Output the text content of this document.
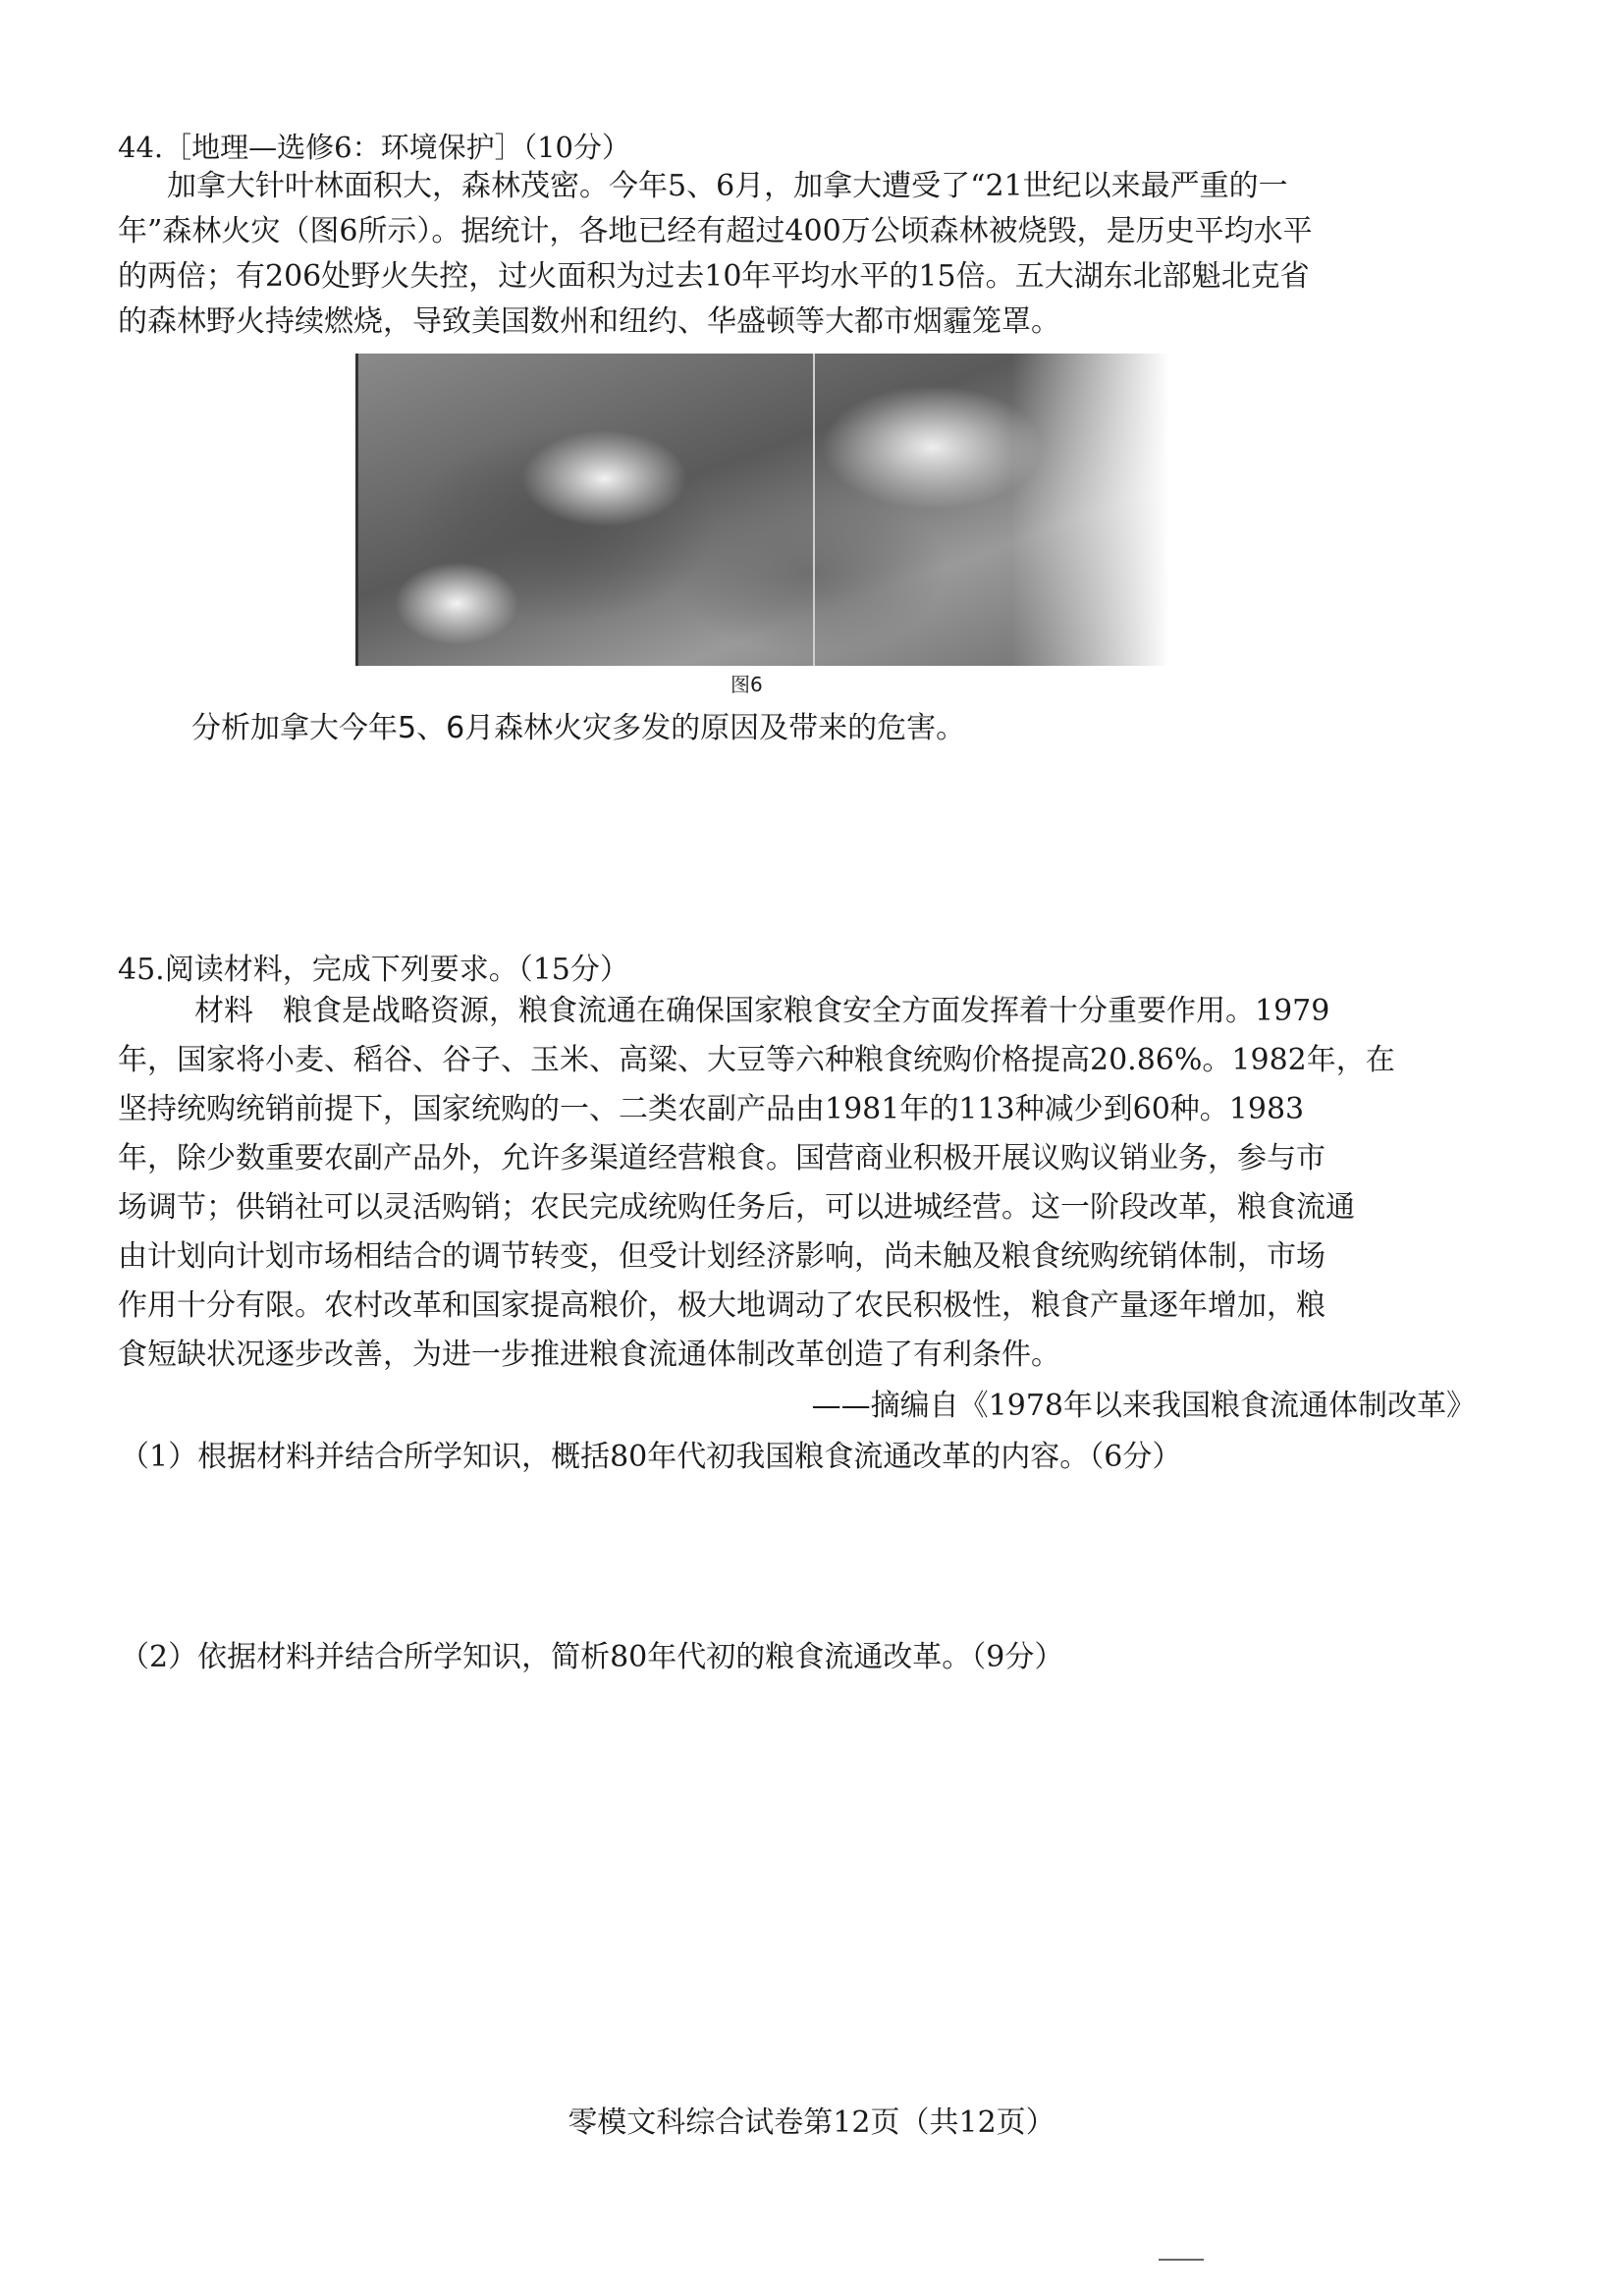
44.［地理—选修6：环境保护］（10分）
加拿大针叶林面积大，森林茂密。今年5、6月，加拿大遭受了“21世纪以来最严重的一
年”森林火灾（图6所示）。据统计，各地已经有超过400万公顷森林被烧毁，是历史平均水平
的两倍；有206处野火失控，过火面积为过去10年平均水平的15倍。五大湖东北部魁北克省
的森林野火持续燃烧，导致美国数州和纽约、华盛顿等大都市烟霾笼罩。
图6
分析加拿大今年5、6月森林火灾多发的原因及带来的危害。
45.阅读材料，完成下列要求。（15分）
材料　粮食是战略资源，粮食流通在确保国家粮食安全方面发挥着十分重要作用。1979
年，国家将小麦、稻谷、谷子、玉米、高粱、大豆等六种粮食统购价格提高20.86%。1982年，在
坚持统购统销前提下，国家统购的一、二类农副产品由1981年的113种减少到60种。1983
年，除少数重要农副产品外，允许多渠道经营粮食。国营商业积极开展议购议销业务，参与市
场调节；供销社可以灵活购销；农民完成统购任务后，可以进城经营。这一阶段改革，粮食流通
由计划向计划市场相结合的调节转变，但受计划经济影响，尚未触及粮食统购统销体制，市场
作用十分有限。农村改革和国家提高粮价，极大地调动了农民积极性，粮食产量逐年增加，粮
食短缺状况逐步改善，为进一步推进粮食流通体制改革创造了有利条件。
——摘编自《1978年以来我国粮食流通体制改革》
（1）根据材料并结合所学知识，概括80年代初我国粮食流通改革的内容。（6分）
（2）依据材料并结合所学知识，简析80年代初的粮食流通改革。（9分）
零模文科综合试卷第12页（共12页）
